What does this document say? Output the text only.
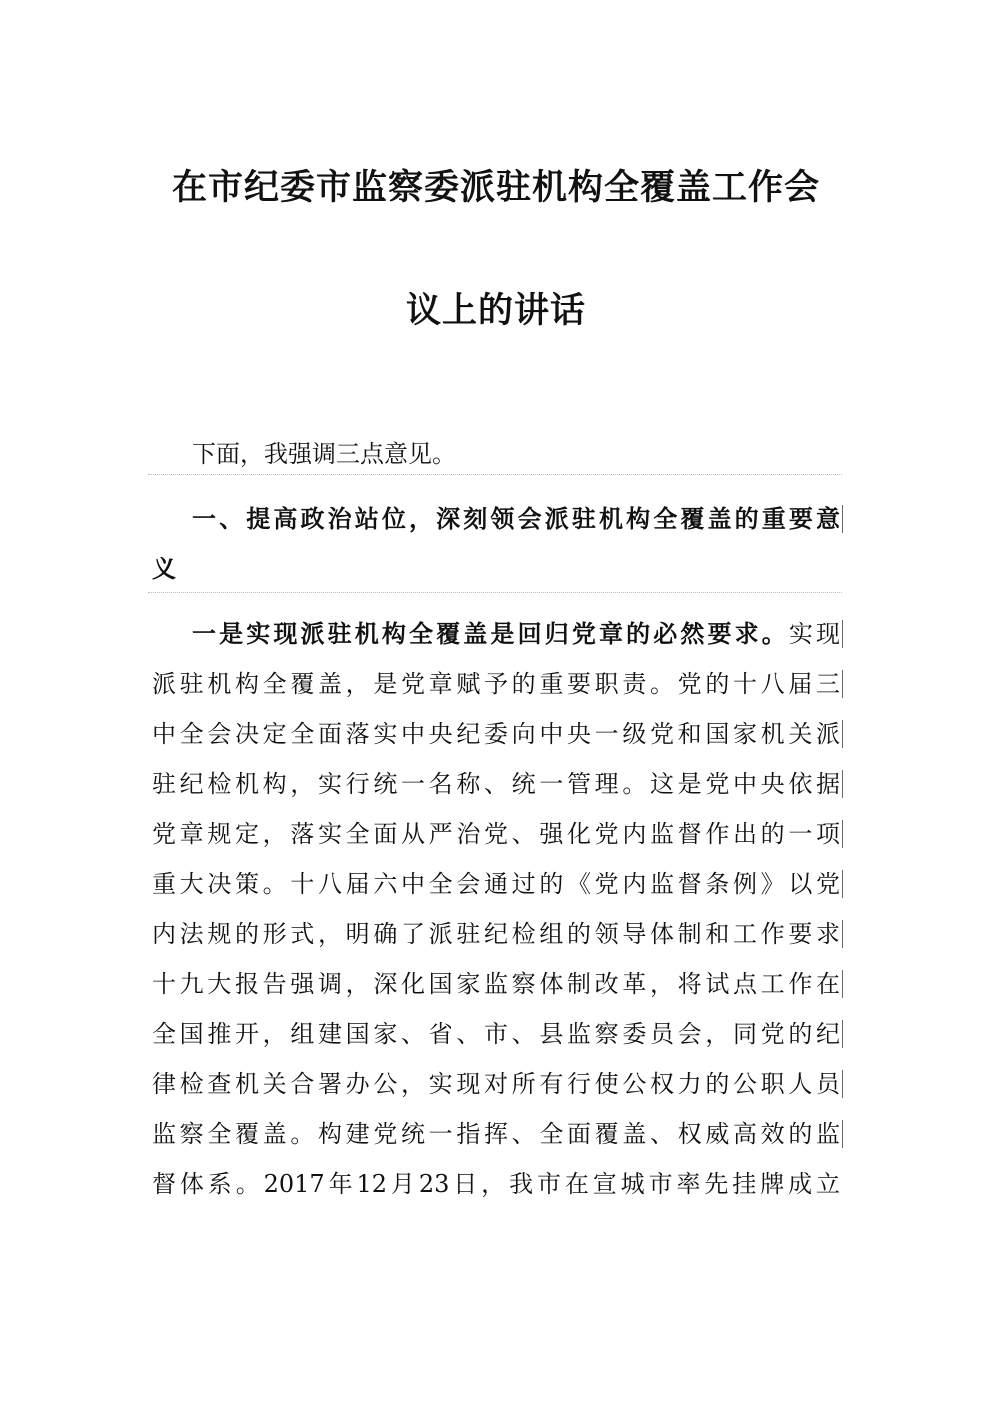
在市纪委市监察委派驻机构全覆盖工作会
议上的讲话
下面，我强调三点意见。
一、提高政治站位，深刻领会派驻机构全覆盖的重要意
义
一是实现派驻机构全覆盖是回归党章的必然要求。实现
派驻机构全覆盖，是党章赋予的重要职责。党的十八届三
中全会决定全面落实中央纪委向中央一级党和国家机关派
驻纪检机构，实行统一名称、统一管理。这是党中央依据
党章规定，落实全面从严治党、强化党内监督作出的一项
重大决策。十八届六中全会通过的《党内监督条例》以党
内法规的形式，明确了派驻纪检组的领导体制和工作要求
十九大报告强调，深化国家监察体制改革，将试点工作在
全国推开，组建国家、省、市、县监察委员会，同党的纪
律检查机关合署办公，实现对所有行使公权力的公职人员
监察全覆盖。构建党统一指挥、全面覆盖、权威高效的监
督体系。2017年12月23日，我市在宣城市率先挂牌成立
